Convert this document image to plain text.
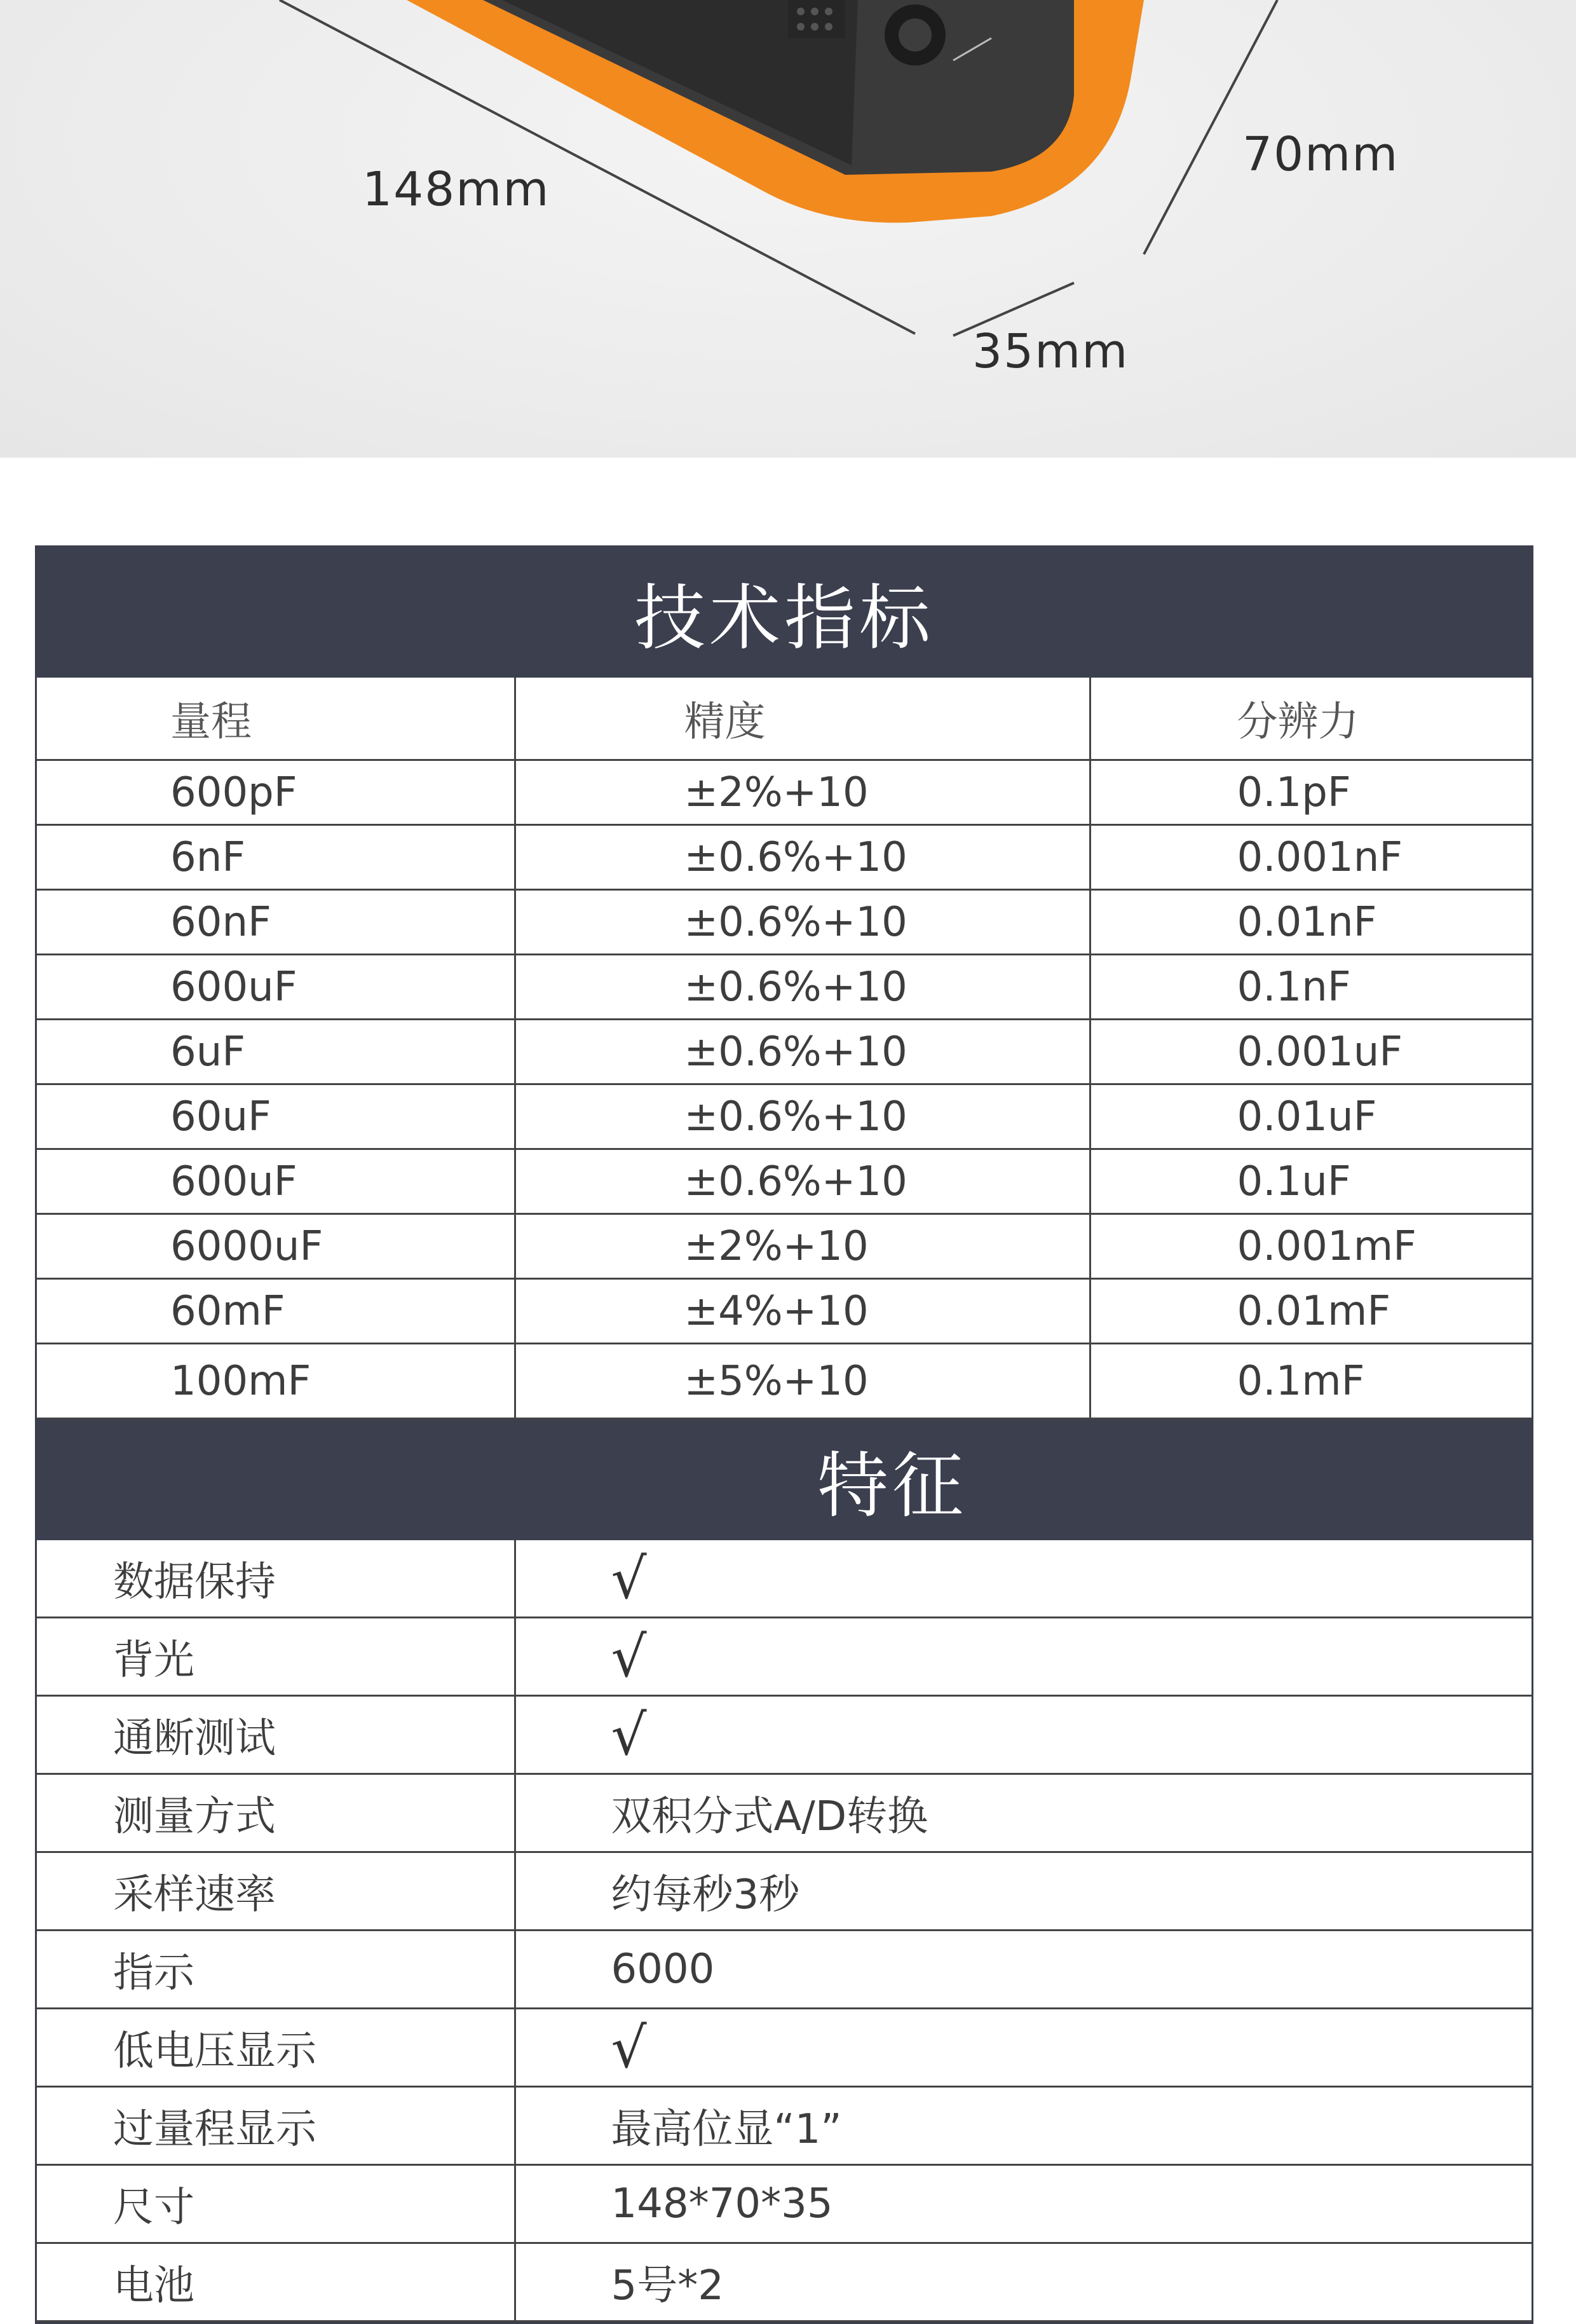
148mm
70mm
35mm
技术指标
量程	精度	分辨力
600pF	±2%+10	0.1pF
6nF	±0.6%+10	0.001nF
60nF	±0.6%+10	0.01nF
600uF	±0.6%+10	0.1nF
6uF	±0.6%+10	0.001uF
60uF	±0.6%+10	0.01uF
600uF	±0.6%+10	0.1uF
6000uF	±2%+10	0.001mF
60mF	±4%+10	0.01mF
100mF	±5%+10	0.1mF
特征
数据保持	√
背光	√
通断测试	√
测量方式	双积分式A/D转换
采样速率	约每秒3秒
指示	6000
低电压显示	√
过量程显示	最高位显“1”
尺寸	148*70*35
电池	5号*2
